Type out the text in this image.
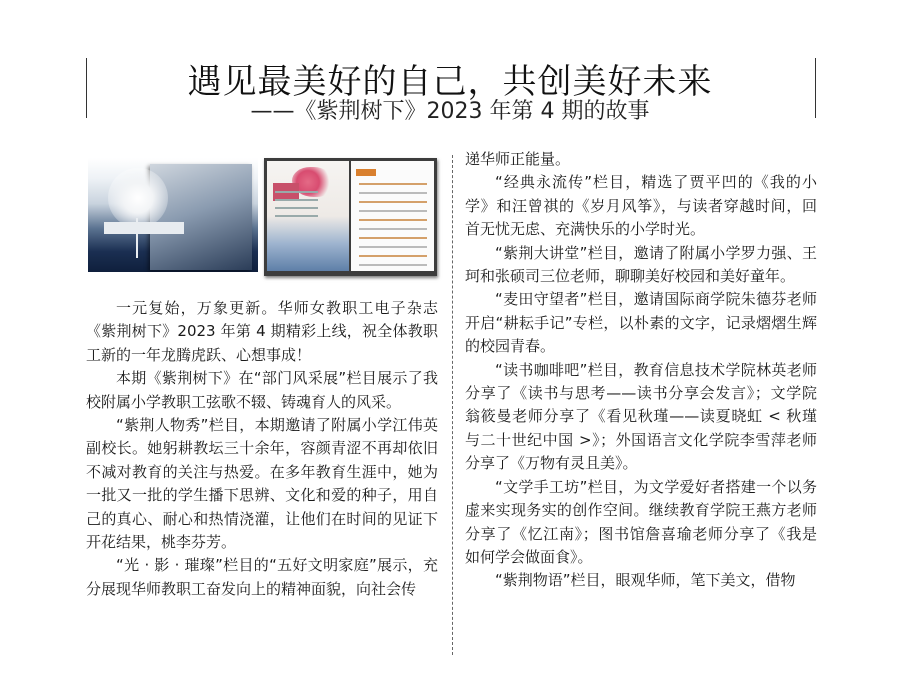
遇见最美好的自己，共创美好未来
——《紫荆树下》2023 年第 4 期的故事

一元复始，万象更新。华师女教职工电子杂志《紫荆树下》2023 年第 4 期精彩上线，祝全体教职工新的一年龙腾虎跃、心想事成！

本期《紫荆树下》在“部门风采展”栏目展示了我校附属小学教职工弦歌不辍、铸魂育人的风采。

“紫荆人物秀”栏目，本期邀请了附属小学江伟英副校长。她躬耕教坛三十余年，容颜青涩不再却依旧不减对教育的关注与热爱。在多年教育生涯中，她为一批又一批的学生播下思辨、文化和爱的种子，用自己的真心、耐心和热情浇灌，让他们在时间的见证下开花结果，桃李芬芳。

“光 · 影 · 璀璨”栏目的“五好文明家庭”展示，充分展现华师教职工奋发向上的精神面貌，向社会传

递华师正能量。

“经典永流传”栏目，精选了贾平凹的《我的小学》和汪曾祺的《岁月风筝》，与读者穿越时间，回首无忧无虑、充满快乐的小学时光。

“紫荆大讲堂”栏目，邀请了附属小学罗力强、王珂和张硕司三位老师，聊聊美好校园和美好童年。

“麦田守望者”栏目，邀请国际商学院朱德芬老师开启“耕耘手记”专栏，以朴素的文字，记录熠熠生辉的校园青春。

“读书咖啡吧”栏目，教育信息技术学院林英老师分享了《读书与思考——读书分享会发言》；文学院翁筱曼老师分享了《看见秋瑾——读夏晓虹 < 秋瑾与二十世纪中国 >》；外国语言文化学院李雪萍老师分享了《万物有灵且美》。

“文学手工坊”栏目，为文学爱好者搭建一个以务虚来实现务实的创作空间。继续教育学院王燕方老师分享了《忆江南》；图书馆詹喜瑜老师分享了《我是如何学会做面食》。

“紫荆物语”栏目，眼观华师，笔下美文，借物
